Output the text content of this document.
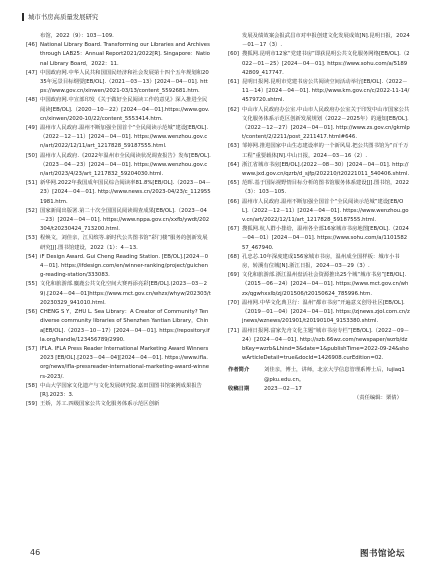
城市书房高质量发展研究
布馆，2022（9）：103－109.
[46] National Library Board. Transforming our Libraries and Archives through LAB25：Annual Report2021/2022[R]. Singapore：National Library Board，2022：11.
[47] 中国政府网.中华人民共和国国民经济和社会发展第十四个五年规划和2035年远景目标纲要[EB/OL].（2021－03－13）[2024－04－01]. https://www.gov.cn/xinwen/2021-03/13/content_5592681.htm.
[48] 中国政府网.中宣部印发《关于做好全民阅读工作的意见》深入推进全民阅读[EB/OL].（2020－10－22）[2024－04－01].https://www.gov.cn/xinwen/2020-10/22/content_5553414.htm.
[49] 温州市人民政府.温州不断加强全国首个“全民阅读示范城”建设[EB/OL].（2022－12－11）[2024－04－01]. https://www.wenzhou.gov.cn/art/2022/12/11/art_1217828_59187555.html.
[50] 温州市人民政府.《2022年温州市全民阅读状况调查报告》发布[EB/OL].（2023－04－23）[2024－04－01]. https://www.wenzhou.gov.cn/art/2023/4/23/art_1217832_59204030.html.
[51] 新华网.2022年我国成年国民综合阅读率81.8%[EB/OL].（2023－04－23）[2024－04－01]. http://www.news.cn/2023-04/23/c_1129551981.htm.
[52] 国家新闻出版署.第二十次全国国民阅读调查成果[EB/OL].（2023－04－23）[2024－04－01]. https://www.nppa.gov.cn/xxfb/ywdt/202304/t20230424_713200.html.
[53] 程焕文，刘佳亲，江贝缤等.新时代公共图书馆“彩门楼”服务的创新发展研究[J].图书馆建设，2022（1）：4－13.
[54] iF Design Award. Gui Cheng Reading Station. [EB/OL].[2024－04－01]. https://ifdesign.com/en/winner-ranking/project/guicheng-reading-station/333083.
[55] 文化和旅游部.麋鹿公共文化空间大赛再添亮彩[EB/OL].(2023－03－29).[2024－04－01]https://www.mct.gov.cn/whzx/whyw/202303/t20230329_941010.html.
[56] CHENG S Y，ZHU L. Sea Library：A Creator of Community? Ten diverse community libraries of Shenzhen Yantian Library，China[EB/OL].（2023－10－17）[2024－04－01]. https://repository.ifla.org/handle/123456789/2990.
[57] IFLA. IFLA Press Reader International Marketing Award Winners 2023 [EB/OL].[2023－04－04][2024－04－01]. https://www.ifla.org/news/ifla-pressreader-international-marketing-award-winners-2023/.
[58] 中山大学国家文化遗产与文化发展研究院.嘉田国图书馆案例成果报告[R].2023：3.
[59] 王娇，苏工.四级国家公共文化服务体系示范区创新
发展及绩效案会报武昌市对申报创建文化发展成效[N].昆明日报，2024－01－17（3）.
[60] 搜狐网.昆明市12家“党建书房”即获昆明公共文化服务网络[EB/OL].（2022－01－25）[2024－04－01]. https://www.sohu.com/a/518942809_417747.
[61] 昆明日报网.昆明市党建书房公共阅读空间活动举行[EB/OL].（2022－11－14）[2024－04－01]. http://www.km.gov.cn/c/2022-11-14/4579720.shtml.
[62] 中山市人民政府办公室.中山市人民政府办公室关于印发中山市国家公共文化服务体系示范区创新发展规划（2022－2025年）的通知[EB/OL].（2022－12－27）[2024－04－01]. http://www.zs.gov.cn/gkmlpt/content/2/2211/post_2211417.html#646.
[63] 邹婷网.推进国家中山生态建设率的一个新风局.把公共图书馆为“百千万工程”重要载体[N].中山日报，2024－03－16（2）.
[64] 浙江省城市书房[EB/OL].(2022－08－30）[2024－04－01]. http://www.jxd.gov.cn/qzrb/d_sjfp/202210/t20221011_540406.shtml.
[65] 范晖.基于国际视野情目标分析的图书馆服务体系建设[J].图书馆，2022（3）：103－105.
[66] 温州市人民政府.温州不断加强全国首个“全民阅读示范城”建设[EB/OL].（2022－12－11）[2024－04－01]. https://www.wenzhou.gov.cn/art/2022/12/11/art_1217828_59187555.html.
[67] 搜狐网.杭人群小排给，温州各全部16家城市书房地图[EB/OL].（2024－04－01）[2024－04－01]. https://www.sohu.com/a/110158257_467940.
[68] 孔忠芯.10年深度建成156家城市书房，温州成全国样板：城市小书房，转溪有位城[N].浙江日报，2024－03－29（3）.
[69] 文化和旅游部.浙江温州盘活社会资源推出25个城“城市书房”[EB/OL].（2015－06－24）[2024－04－01]. https://www.mct.gov.cn/whzx/qgwhxxlb/zj/201506/t20150624_785996.htm.
[70] 温州网.中华文化典卫行：温州“都市书房”开遍意义创导社区[EB/OL].（2019－01－04）[2024－04－01]. https://zjnews.zjol.com.cn/zjnews/wznews/201901/t20190104_9153380.shtml.
[71] 温州日报网.富家先舟文化主题“城市书房专栏”[EB/OL].（2022－09－24）[2024－04－01]. http://szb.66wz.com/newspaper/wzrb/dzbKey=wzrb&Lhind=3&date=1&publishTime=2022-09-24&showArticleDetail=true&docId=1426908.curEdition=02.
作者简介	刘佳亲，博士，讲师，北京大学信息管理系博士后，lujiaq1@pku.edu.cn。
收稿日期	2023－02－17
（责任编辑：栗倩）
46	图书馆论坛
